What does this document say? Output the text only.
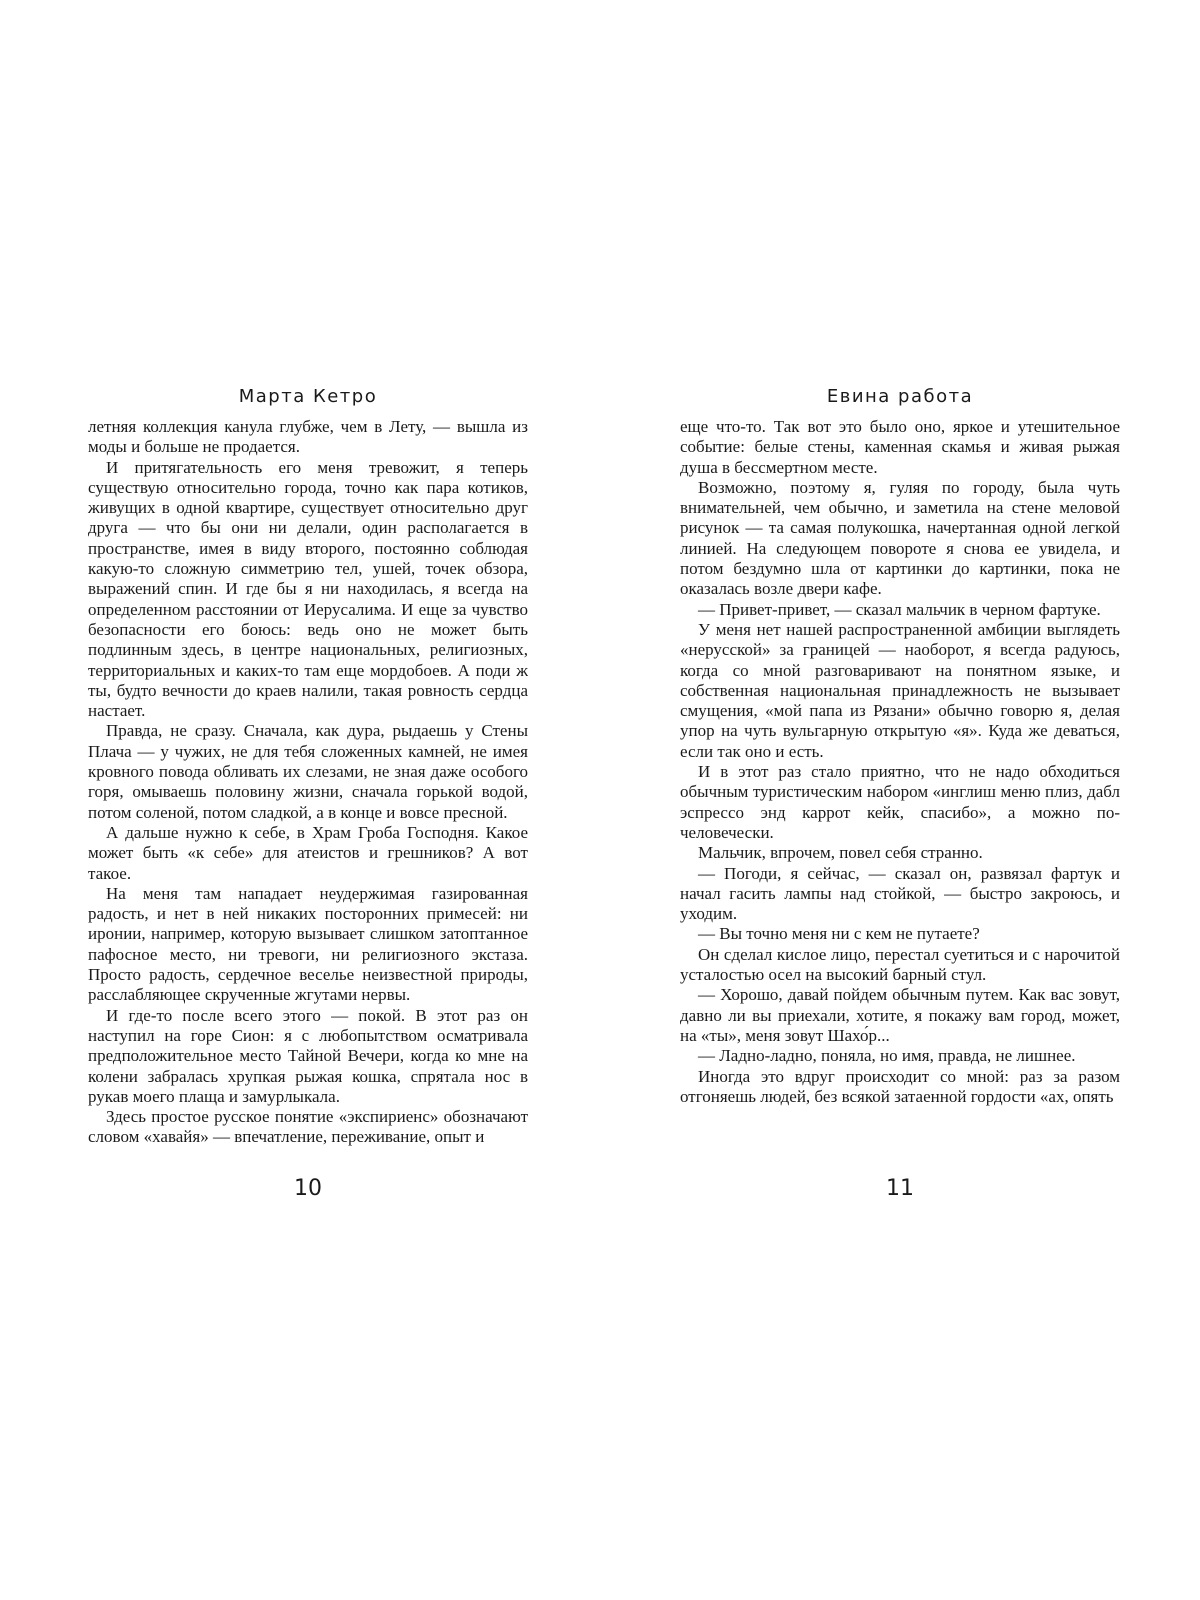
Марта Кетро

летняя коллекция канула глубже, чем в Лету, — вышла из моды и больше не продается.

И притягательность его меня тревожит, я теперь существую относительно города, точно как пара котиков, живущих в одной квартире, существует относительно друг друга — что бы они ни делали, один располагается в пространстве, имея в виду второго, постоянно соблюдая какую-то сложную симметрию тел, ушей, точек обзора, выражений спин. И где бы я ни находилась, я всегда на определенном расстоянии от Иерусалима. И еще за чувство безопасности его боюсь: ведь оно не может быть подлинным здесь, в центре национальных, религиозных, территориальных и каких-то там еще мордобоев. А поди ж ты, будто вечности до краев налили, такая ровность сердца настает.

Правда, не сразу. Сначала, как дура, рыдаешь у Стены Плача — у чужих, не для тебя сложенных камней, не имея кровного повода обливать их слезами, не зная даже особого горя, омываешь половину жизни, сначала горькой водой, потом соленой, потом сладкой, а в конце и вовсе пресной.

А дальше нужно к себе, в Храм Гроба Господня. Какое может быть «к себе» для атеистов и грешников? А вот такое.

На меня там нападает неудержимая газированная радость, и нет в ней никаких посторонних примесей: ни иронии, например, которую вызывает слишком затоптанное пафосное место, ни тревоги, ни религиозного экстаза. Просто радость, сердечное веселье неизвестной природы, расслабляющее скрученные жгутами нервы.

И где-то после всего этого — покой. В этот раз он наступил на горе Сион: я с любопытством осматривала предположительное место Тайной Вечери, когда ко мне на колени забралась хрупкая рыжая кошка, спрятала нос в рукав моего плаща и замурлыкала.

Здесь простое русское понятие «экспириенс» обозначают словом «хавайя» — впечатление, переживание, опыт и

Евина работа

еще что-то. Так вот это было оно, яркое и утешительное событие: белые стены, каменная скамья и живая рыжая душа в бессмертном месте.

Возможно, поэтому я, гуляя по городу, была чуть внимательней, чем обычно, и заметила на стене меловой рисунок — та самая полукошка, начертанная одной легкой линией. На следующем повороте я снова ее увидела, и потом бездумно шла от картинки до картинки, пока не оказалась возле двери кафе.

— Привет-привет, — сказал мальчик в черном фартуке.

У меня нет нашей распространенной амбиции выглядеть «нерусской» за границей — наоборот, я всегда радуюсь, когда со мной разговаривают на понятном языке, и собственная национальная принадлежность не вызывает смущения, «мой папа из Рязани» обычно говорю я, делая упор на чуть вульгарную открытую «я». Куда же деваться, если так оно и есть.

И в этот раз стало приятно, что не надо обходиться обычным туристическим набором «инглиш меню плиз, дабл эспрессо энд каррот кейк, спасибо», а можно по-человечески.

Мальчик, впрочем, повел себя странно.

— Погоди, я сейчас, — сказал он, развязал фартук и начал гасить лампы над стойкой, — быстро закроюсь, и уходим.

— Вы точно меня ни с кем не путаете?

Он сделал кислое лицо, перестал суетиться и с нарочитой усталостью осел на высокий барный стул.

— Хорошо, давай пойдем обычным путем. Как вас зовут, давно ли вы приехали, хотите, я покажу вам город, может, на «ты», меня зовут Шахо́р...

— Ладно-ладно, поняла, но имя, правда, не лишнее.

Иногда это вдруг происходит со мной: раз за разом отгоняешь людей, без всякой затаенной гордости «ах, опять

10	11
